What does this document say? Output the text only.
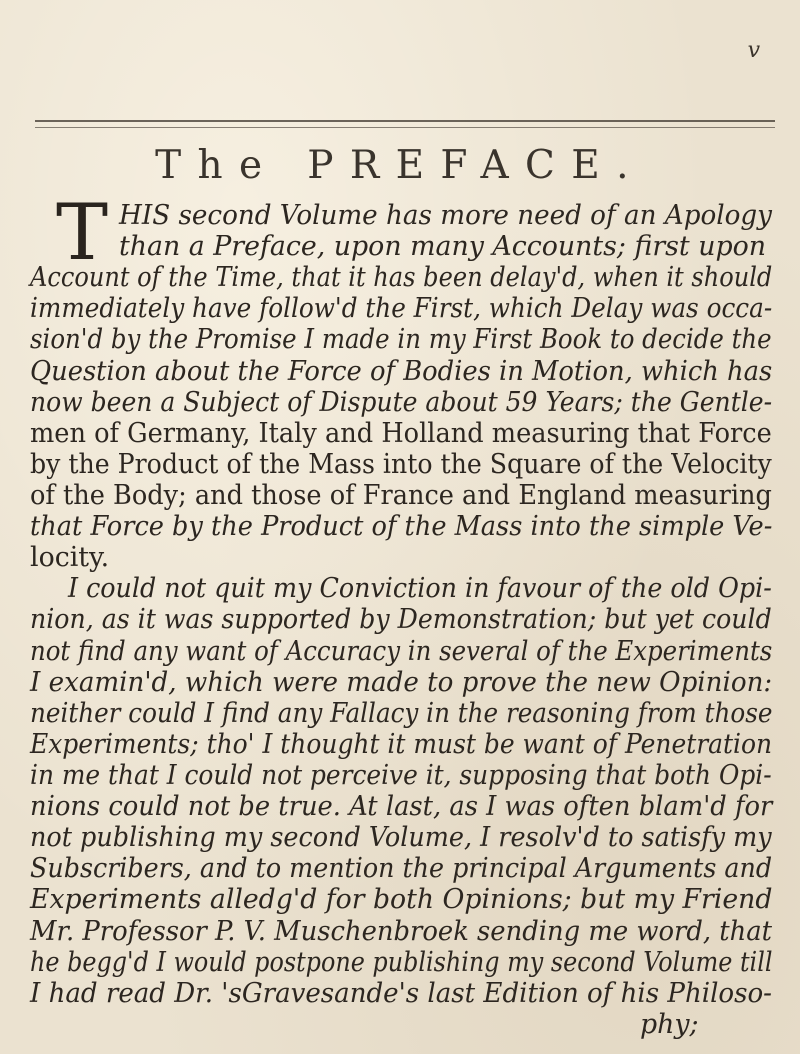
v
The PREFACE.
T HIS second Volume has more need of an Apology
than a Preface, upon many Accounts; first upon
Account of the Time, that it has been delay'd, when it should
immediately have follow'd the First, which Delay was occa-
sion'd by the Promise I made in my First Book to decide the
Question about the Force of Bodies in Motion, which has
now been a Subject of Dispute about 59 Years; the Gentle-
men of Germany, Italy and Holland measuring that Force
by the Product of the Mass into the Square of the Velocity
of the Body; and those of France and England measuring
that Force by the Product of the Mass into the simple Ve-
locity.
I could not quit my Conviction in favour of the old Opi-
nion, as it was supported by Demonstration; but yet could
not find any want of Accuracy in several of the Experiments
I examin'd, which were made to prove the new Opinion:
neither could I find any Fallacy in the reasoning from those
Experiments; tho' I thought it must be want of Penetration
in me that I could not perceive it, supposing that both Opi-
nions could not be true. At last, as I was often blam'd for
not publishing my second Volume, I resolv'd to satisfy my
Subscribers, and to mention the principal Arguments and
Experiments alledg'd for both Opinions; but my Friend
Mr. Professor P. V. Muschenbroek sending me word, that
he begg'd I would postpone publishing my second Volume till
I had read Dr. 'sGravesande's last Edition of his Philoso-
phy;
